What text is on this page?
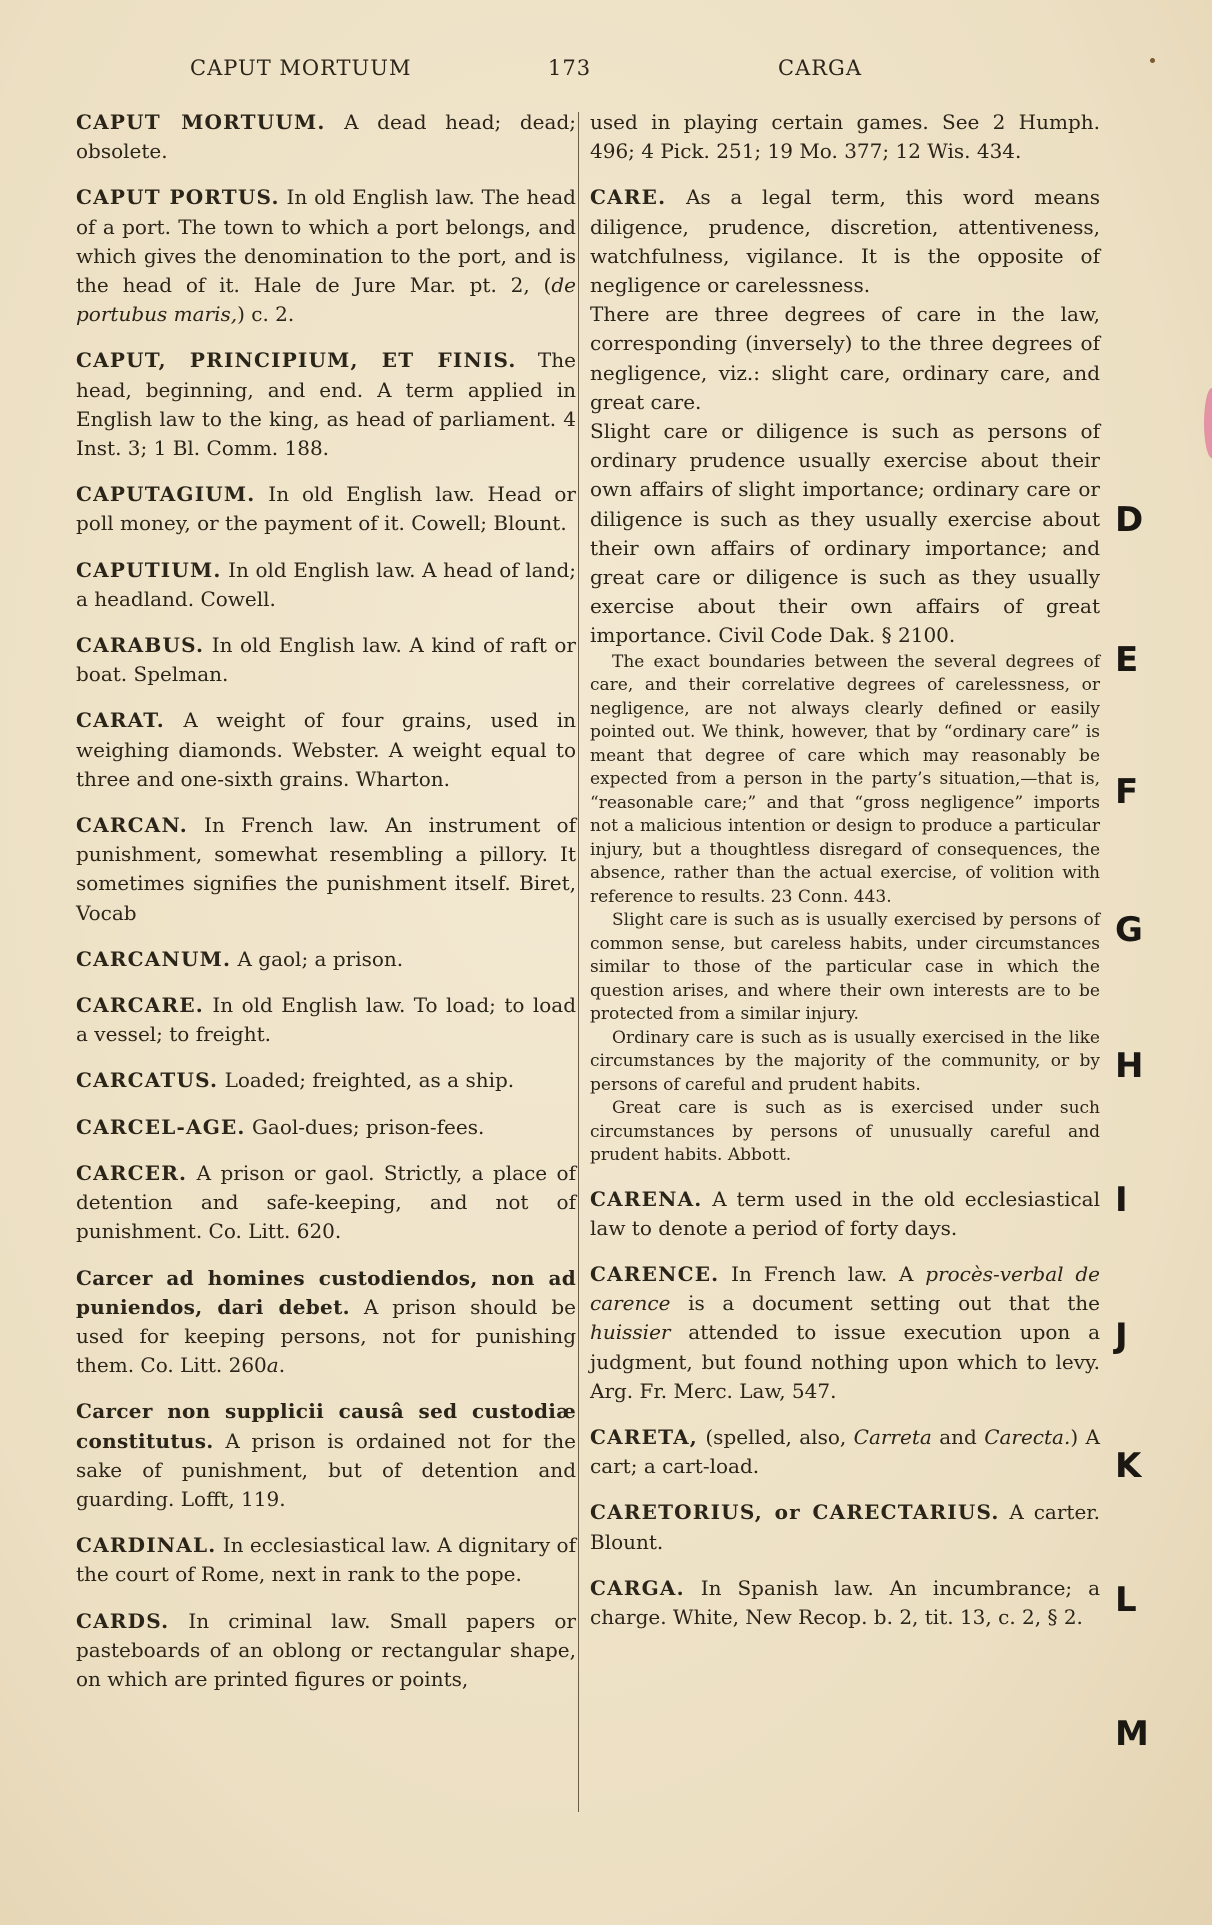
CAPUT MORTUUM	173	CARGA

CAPUT MORTUUM. A dead head; dead; obsolete.

CAPUT PORTUS. In old English law. The head of a port. The town to which a port belongs, and which gives the denomination to the port, and is the head of it. Hale de Jure Mar. pt. 2, (de portubus maris,) c. 2.

CAPUT, PRINCIPIUM, ET FINIS. The head, beginning, and end. A term applied in English law to the king, as head of parliament. 4 Inst. 3; 1 Bl. Comm. 188.

CAPUTAGIUM. In old English law. Head or poll money, or the payment of it. Cowell; Blount.

CAPUTIUM. In old English law. A head of land; a headland. Cowell.

CARABUS. In old English law. A kind of raft or boat. Spelman.

CARAT. A weight of four grains, used in weighing diamonds. Webster. A weight equal to three and one-sixth grains. Wharton.

CARCAN. In French law. An instrument of punishment, somewhat resembling a pillory. It sometimes signifies the punishment itself. Biret, Vocab

CARCANUM. A gaol; a prison.

CARCARE. In old English law. To load; to load a vessel; to freight.

CARCATUS. Loaded; freighted, as a ship.

CARCEL-AGE. Gaol-dues; prison-fees.

CARCER. A prison or gaol. Strictly, a place of detention and safe-keeping, and not of punishment. Co. Litt. 620.

Carcer ad homines custodiendos, non ad puniendos, dari debet. A prison should be used for keeping persons, not for punishing them. Co. Litt. 260a.

Carcer non supplicii causâ sed custodiæ constitutus. A prison is ordained not for the sake of punishment, but of detention and guarding. Lofft, 119.

CARDINAL. In ecclesiastical law. A dignitary of the court of Rome, next in rank to the pope.

CARDS. In criminal law. Small papers or pasteboards of an oblong or rectangular shape, on which are printed figures or points,

used in playing certain games. See 2 Humph. 496; 4 Pick. 251; 19 Mo. 377; 12 Wis. 434.

CARE. As a legal term, this word means diligence, prudence, discretion, attentiveness, watchfulness, vigilance. It is the opposite of negligence or carelessness.

There are three degrees of care in the law, corresponding (inversely) to the three degrees of negligence, viz.: slight care, ordinary care, and great care.

Slight care or diligence is such as persons of ordinary prudence usually exercise about their own affairs of slight importance; ordinary care or diligence is such as they usually exercise about their own affairs of ordinary importance; and great care or diligence is such as they usually exercise about their own affairs of great importance. Civil Code Dak. § 2100.

The exact boundaries between the several degrees of care, and their correlative degrees of carelessness, or negligence, are not always clearly defined or easily pointed out. We think, however, that by “ordinary care” is meant that degree of care which may reasonably be expected from a person in the party’s situation,—that is, “reasonable care;” and that “gross negligence” imports not a malicious intention or design to produce a particular injury, but a thoughtless disregard of consequences, the absence, rather than the actual exercise, of volition with reference to results. 23 Conn. 443.

Slight care is such as is usually exercised by persons of common sense, but careless habits, under circumstances similar to those of the particular case in which the question arises, and where their own interests are to be protected from a similar injury.

Ordinary care is such as is usually exercised in the like circumstances by the majority of the community, or by persons of careful and prudent habits.

Great care is such as is exercised under such circumstances by persons of unusually careful and prudent habits. Abbott.

CARENA. A term used in the old ecclesiastical law to denote a period of forty days.

CARENCE. In French law. A procès-verbal de carence is a document setting out that the huissier attended to issue execution upon a judgment, but found nothing upon which to levy. Arg. Fr. Merc. Law, 547.

CARETA, (spelled, also, Carreta and Carecta.) A cart; a cart-load.

CARETORIUS, or CARECTARIUS. A carter. Blount.

CARGA. In Spanish law. An incumbrance; a charge. White, New Recop. b. 2, tit. 13, c. 2, § 2.

D
E
F
G
H
I
J
K
L
M
